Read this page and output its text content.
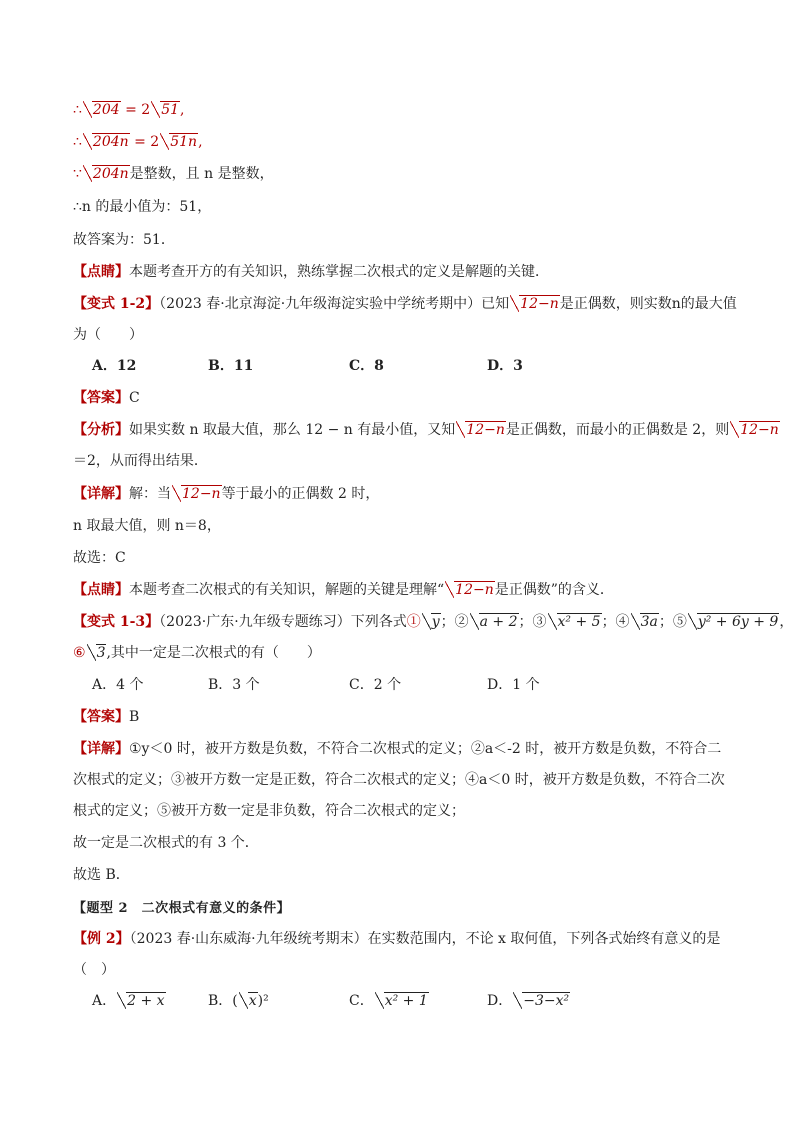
∴ 204 = 2 51,
∴ 204n = 2 51n,
∵ 204n是整数，且 n 是整数，
∴n 的最小值为：51，
故答案为：51．
【点睛】本题考查开方的有关知识，熟练掌握二次根式的定义是解题的关键．
【变式 1-2】（2023 春·北京海淀·九年级海淀实验中学统考期中）已知 12−n是正偶数，则实数n的最大值
为（　　）
A．12	B．11	C．8	D．3
【答案】C
【分析】如果实数 n 取最大值，那么 12 − n 有最小值，又知 12−n是正偶数，而最小的正偶数是 2，则 12−n
＝2，从而得出结果．
【详解】解：当 12−n等于最小的正偶数 2 时，
n 取最大值，则 n＝8，
故选：C
【点睛】本题考查二次根式的有关知识，解题的关键是理解“ 12−n是正偶数”的含义．
【变式 1-3】（2023·广东·九年级专题练习）下列各式① y；② a + 2；③ x² + 5；④ 3a；⑤ y² + 6y + 9，
⑥ 3,其中一定是二次根式的有（　　）
A．4 个	B．3 个	C．2 个	D．1 个
【答案】B
【详解】①y＜0 时，被开方数是负数，不符合二次根式的定义；②a＜-2 时，被开方数是负数，不符合二
次根式的定义；③被开方数一定是正数，符合二次根式的定义；④a＜0 时，被开方数是负数，不符合二次
根式的定义；⑤被开方数一定是非负数，符合二次根式的定义；
故一定是二次根式的有 3 个．
故选 B．
【题型 2　二次根式有意义的条件】
【例 2】（2023 春·山东威海·九年级统考期末）在实数范围内，不论 x 取何值，下列各式始终有意义的是
（　）
A． 2 + x	B．( x)²	C． x² + 1	D． −3−x²
